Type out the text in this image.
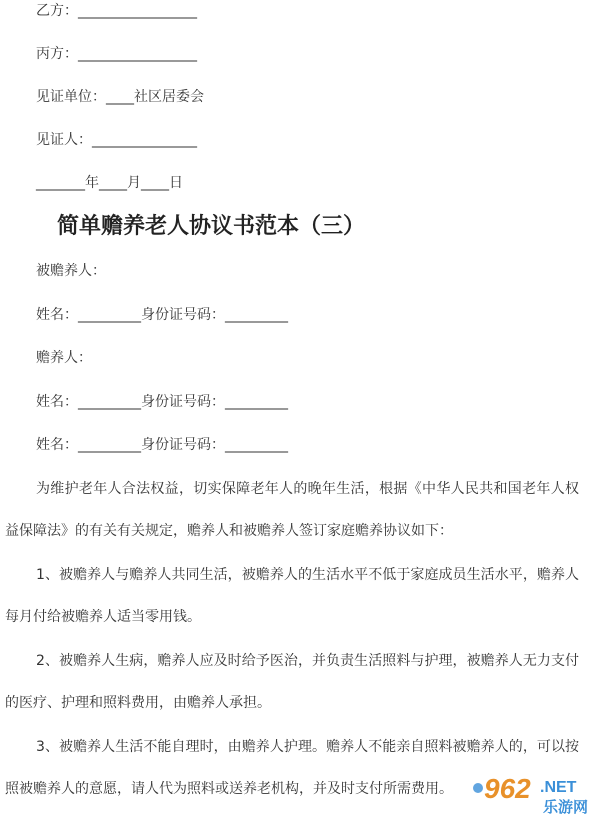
乙方：_________________
丙方：_________________
见证单位：____社区居委会
见证人：_______________
_______年____月____日
简单赡养老人协议书范本（三）
被赡养人：
姓名：_________身份证号码：_________
赡养人：
姓名：_________身份证号码：_________
姓名：_________身份证号码：_________
为维护老年人合法权益，切实保障老年人的晚年生活，根据《中华人民共和国老年人权益保障法》的有关有关规定，赡养人和被赡养人签订家庭赡养协议如下：
1、被赡养人与赡养人共同生活，被赡养人的生活水平不低于家庭成员生活水平，赡养人每月付给被赡养人适当零用钱。
2、被赡养人生病，赡养人应及时给予医治，并负责生活照料与护理，被赡养人无力支付的医疗、护理和照料费用，由赡养人承担。
3、被赡养人生活不能自理时，由赡养人护理。赡养人不能亲自照料被赡养人的，可以按照被赡养人的意愿，请人代为照料或送养老机构，并及时支付所需费用。	962 .NET
乐游网
